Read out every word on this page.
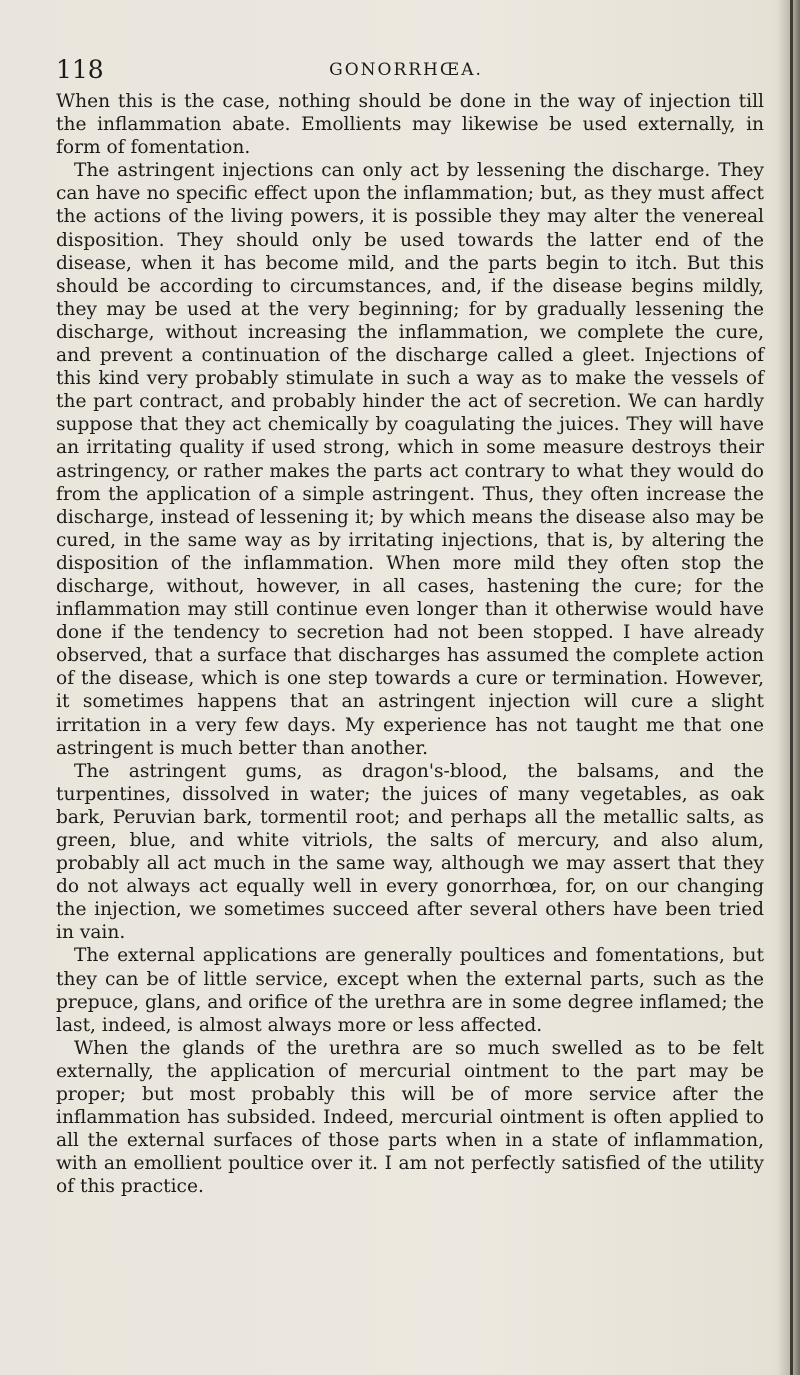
118	GONORRHŒA.

When this is the case, nothing should be done in the way of injection till the inflammation abate. Emollients may likewise be used externally, in form of fomentation.

The astringent injections can only act by lessening the discharge. They can have no specific effect upon the inflammation; but, as they must affect the actions of the living powers, it is possible they may alter the venereal disposition. They should only be used towards the latter end of the disease, when it has become mild, and the parts begin to itch. But this should be according to circumstances, and, if the disease begins mildly, they may be used at the very beginning; for by gradually lessening the discharge, without increasing the inflammation, we complete the cure, and prevent a continuation of the discharge called a gleet. Injections of this kind very probably stimulate in such a way as to make the vessels of the part contract, and probably hinder the act of secretion. We can hardly suppose that they act chemically by coagulating the juices. They will have an irritating quality if used strong, which in some measure destroys their astringency, or rather makes the parts act contrary to what they would do from the application of a simple astringent. Thus, they often increase the discharge, instead of lessening it; by which means the disease also may be cured, in the same way as by irritating injections, that is, by altering the disposition of the inflammation. When more mild they often stop the discharge, without, however, in all cases, hastening the cure; for the inflammation may still continue even longer than it otherwise would have done if the tendency to secretion had not been stopped. I have already observed, that a surface that discharges has assumed the complete action of the disease, which is one step towards a cure or termination. However, it sometimes happens that an astringent injection will cure a slight irritation in a very few days. My experience has not taught me that one astringent is much better than another.

The astringent gums, as dragon's-blood, the balsams, and the turpentines, dissolved in water; the juices of many vegetables, as oak bark, Peruvian bark, tormentil root; and perhaps all the metallic salts, as green, blue, and white vitriols, the salts of mercury, and also alum, probably all act much in the same way, although we may assert that they do not always act equally well in every gonorrhœa, for, on our changing the injection, we sometimes succeed after several others have been tried in vain.

The external applications are generally poultices and fomentations, but they can be of little service, except when the external parts, such as the prepuce, glans, and orifice of the urethra are in some degree inflamed; the last, indeed, is almost always more or less affected.

When the glands of the urethra are so much swelled as to be felt externally, the application of mercurial ointment to the part may be proper; but most probably this will be of more service after the inflammation has subsided. Indeed, mercurial ointment is often applied to all the external surfaces of those parts when in a state of inflammation, with an emollient poultice over it. I am not perfectly satisfied of the utility of this practice.
